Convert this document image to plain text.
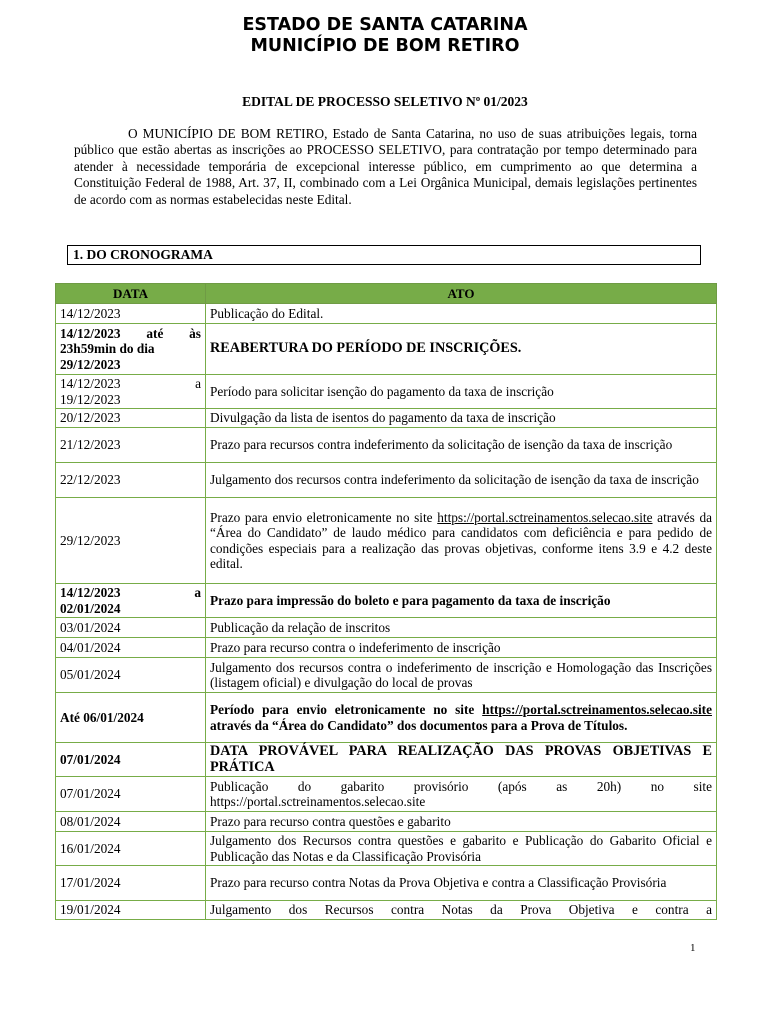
ESTADO DE SANTA CATARINA
MUNICÍPIO DE BOM RETIRO
EDITAL DE PROCESSO SELETIVO Nº 01/2023

O MUNICÍPIO DE BOM RETIRO, Estado de Santa Catarina, no uso de suas atribuições legais, torna público que estão abertas as inscrições ao PROCESSO SELETIVO, para contratação por tempo determinado para atender à necessidade temporária de excepcional interesse público, em cumprimento ao que determina a Constituição Federal de 1988, Art. 37, II, combinado com a Lei Orgânica Municipal, demais legislações pertinentes de acordo com as normas estabelecidas neste Edital.

1. DO CRONOGRAMA
DATA	ATO
14/12/2023	Publicação do Edital.

14/12/2023 até às
23h59min do dia
29/12/2023	REABERTURA DO PERÍODO DE INSCRIÇÕES.

14/12/2023 a
19/12/2023	Período para solicitar isenção do pagamento da taxa de inscrição
20/12/2023	Divulgação da lista de isentos do pagamento da taxa de inscrição
21/12/2023	Prazo para recursos contra indeferimento da solicitação de isenção da taxa de inscrição
22/12/2023	Julgamento dos recursos contra indeferimento da solicitação de isenção da taxa de inscrição
29/12/2023	Prazo para envio eletronicamente no site https://portal.sctreinamentos.selecao.site através da “Área do Candidato” de laudo médico para candidatos com deficiência e para pedido de condições especiais para a realização das provas objetivas, conforme itens 3.9 e 4.2 deste edital.

14/12/2023 a
02/01/2024	Prazo para impressão do boleto e para pagamento da taxa de inscrição
03/01/2024	Publicação da relação de inscritos
04/01/2024	Prazo para recurso contra o indeferimento de inscrição
05/01/2024	Julgamento dos recursos contra o indeferimento de inscrição e Homologação das Inscrições (listagem oficial) e divulgação do local de provas
Até 06/01/2024	Período para envio eletronicamente no site https://portal.sctreinamentos.selecao.site através da “Área do Candidato” dos documentos para a Prova de Títulos.
07/01/2024	DATA PROVÁVEL PARA REALIZAÇÃO DAS PROVAS OBJETIVAS E PRÁTICA
07/01/2024	Publicação do gabarito provisório (após as 20h) no site https://portal.sctreinamentos.selecao.site
08/01/2024	Prazo para recurso contra questões e gabarito
16/01/2024	Julgamento dos Recursos contra questões e gabarito e Publicação do Gabarito Oficial e Publicação das Notas e da Classificação Provisória
17/01/2024	Prazo para recurso contra Notas da Prova Objetiva e contra a Classificação Provisória
19/01/2024	Julgamento dos Recursos contra Notas da Prova Objetiva e contra a
1
